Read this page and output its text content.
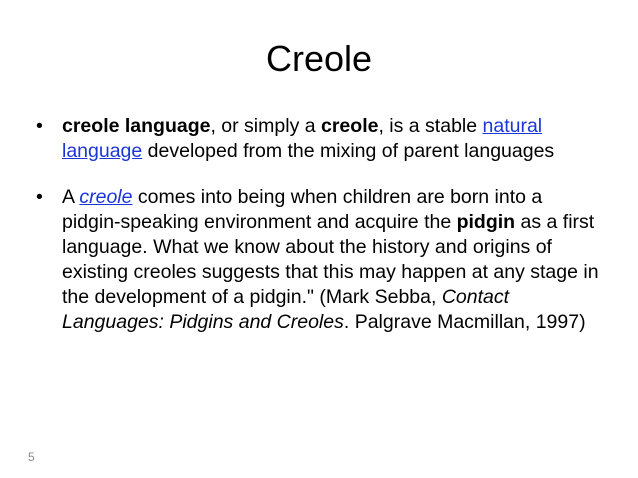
Creole
• creole language, or simply a creole, is a stable natural language developed from the mixing of parent languages
• A creole comes into being when children are born into a pidgin-speaking environment and acquire the pidgin as a first language. What we know about the history and origins of existing creoles suggests that this may happen at any stage in the development of a pidgin." (Mark Sebba, Contact Languages: Pidgins and Creoles. Palgrave Macmillan, 1997)
5
